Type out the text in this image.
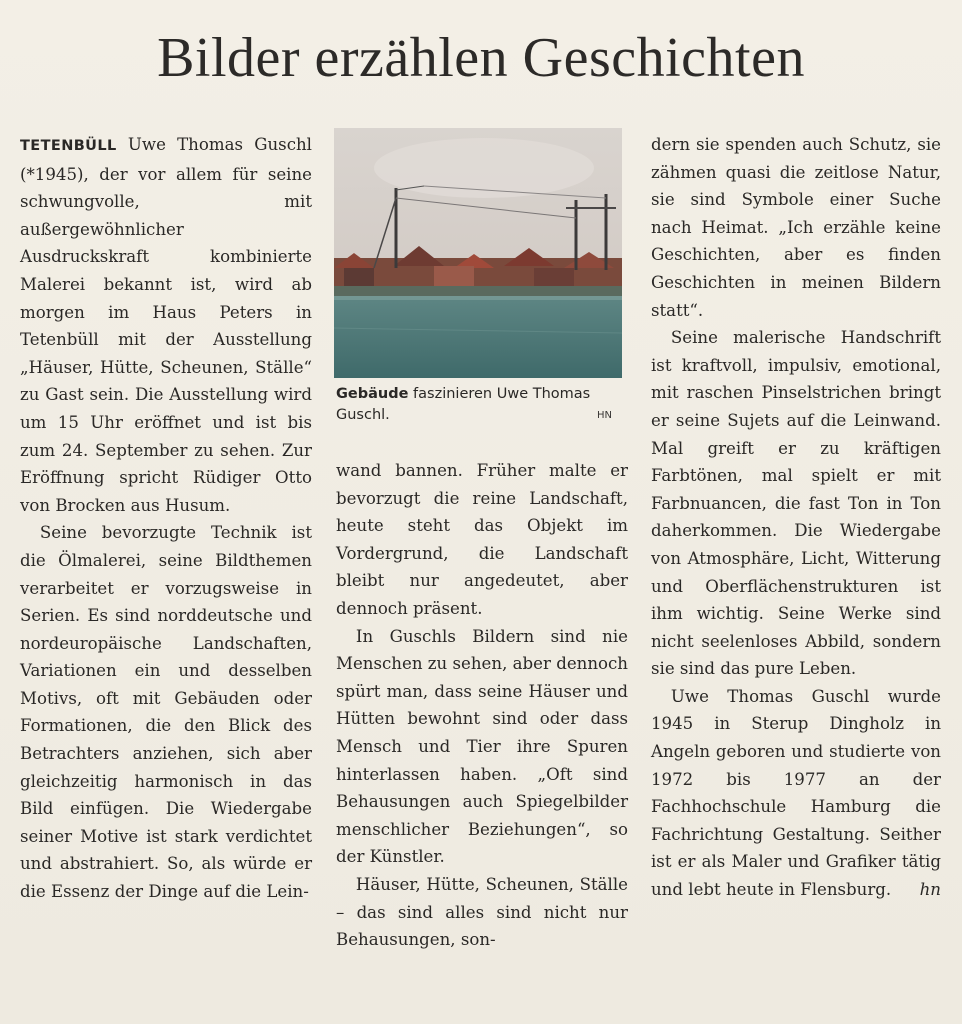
Bilder erzählen Geschichten

TETENBÜLL Uwe Thomas Guschl (*1945), der vor allem für seine schwungvolle, mit außergewöhnlicher Ausdruckskraft kombinierte Malerei bekannt ist, wird ab morgen im Haus Peters in Tetenbüll mit der Ausstellung „Häuser, Hütte, Scheunen, Ställe“ zu Gast sein. Die Ausstellung wird um 15 Uhr eröffnet und ist bis zum 24. September zu sehen. Zur Eröffnung spricht Rüdiger Otto von Brocken aus Husum.

Seine bevorzugte Technik ist die Ölmalerei, seine Bildthemen verarbeitet er vorzugsweise in Serien. Es sind norddeutsche und nordeuropäische Landschaften, Variationen ein und desselben Motivs, oft mit Gebäuden oder Formationen, die den Blick des Betrachters anziehen, sich aber gleichzeitig harmonisch in das Bild einfügen. Die Wiedergabe seiner Motive ist stark verdichtet und abstrahiert. So, als würde er die Essenz der Dinge auf die Lein-

Gebäude faszinieren Uwe Thomas Guschl.	HN

wand bannen. Früher malte er bevorzugt die reine Landschaft, heute steht das Objekt im Vordergrund, die Landschaft bleibt nur angedeutet, aber dennoch präsent.

In Guschls Bildern sind nie Menschen zu sehen, aber dennoch spürt man, dass seine Häuser und Hütten bewohnt sind oder dass Mensch und Tier ihre Spuren hinterlassen haben. „Oft sind Behausungen auch Spiegelbilder menschlicher Beziehungen“, so der Künstler.

Häuser, Hütte, Scheunen, Ställe – das sind alles sind nicht nur Behausungen, son-

dern sie spenden auch Schutz, sie zähmen quasi die zeitlose Natur, sie sind Symbole einer Suche nach Heimat. „Ich erzähle keine Geschichten, aber es finden Geschichten in meinen Bildern statt“.

Seine malerische Handschrift ist kraftvoll, impulsiv, emotional, mit raschen Pinselstrichen bringt er seine Sujets auf die Leinwand. Mal greift er zu kräftigen Farbtönen, mal spielt er mit Farbnuancen, die fast Ton in Ton daherkommen. Die Wiedergabe von Atmosphäre, Licht, Witterung und Oberflächenstrukturen ist ihm wichtig. Seine Werke sind nicht seelenloses Abbild, sondern sie sind das pure Leben.

Uwe Thomas Guschl wurde 1945 in Sterup Dingholz in Angeln geboren und studierte von 1972 bis 1977 an der Fachhochschule Hamburg die Fachrichtung Gestaltung. Seither ist er als Maler und Grafiker tätig und lebt heute in Flensburg.	hn
